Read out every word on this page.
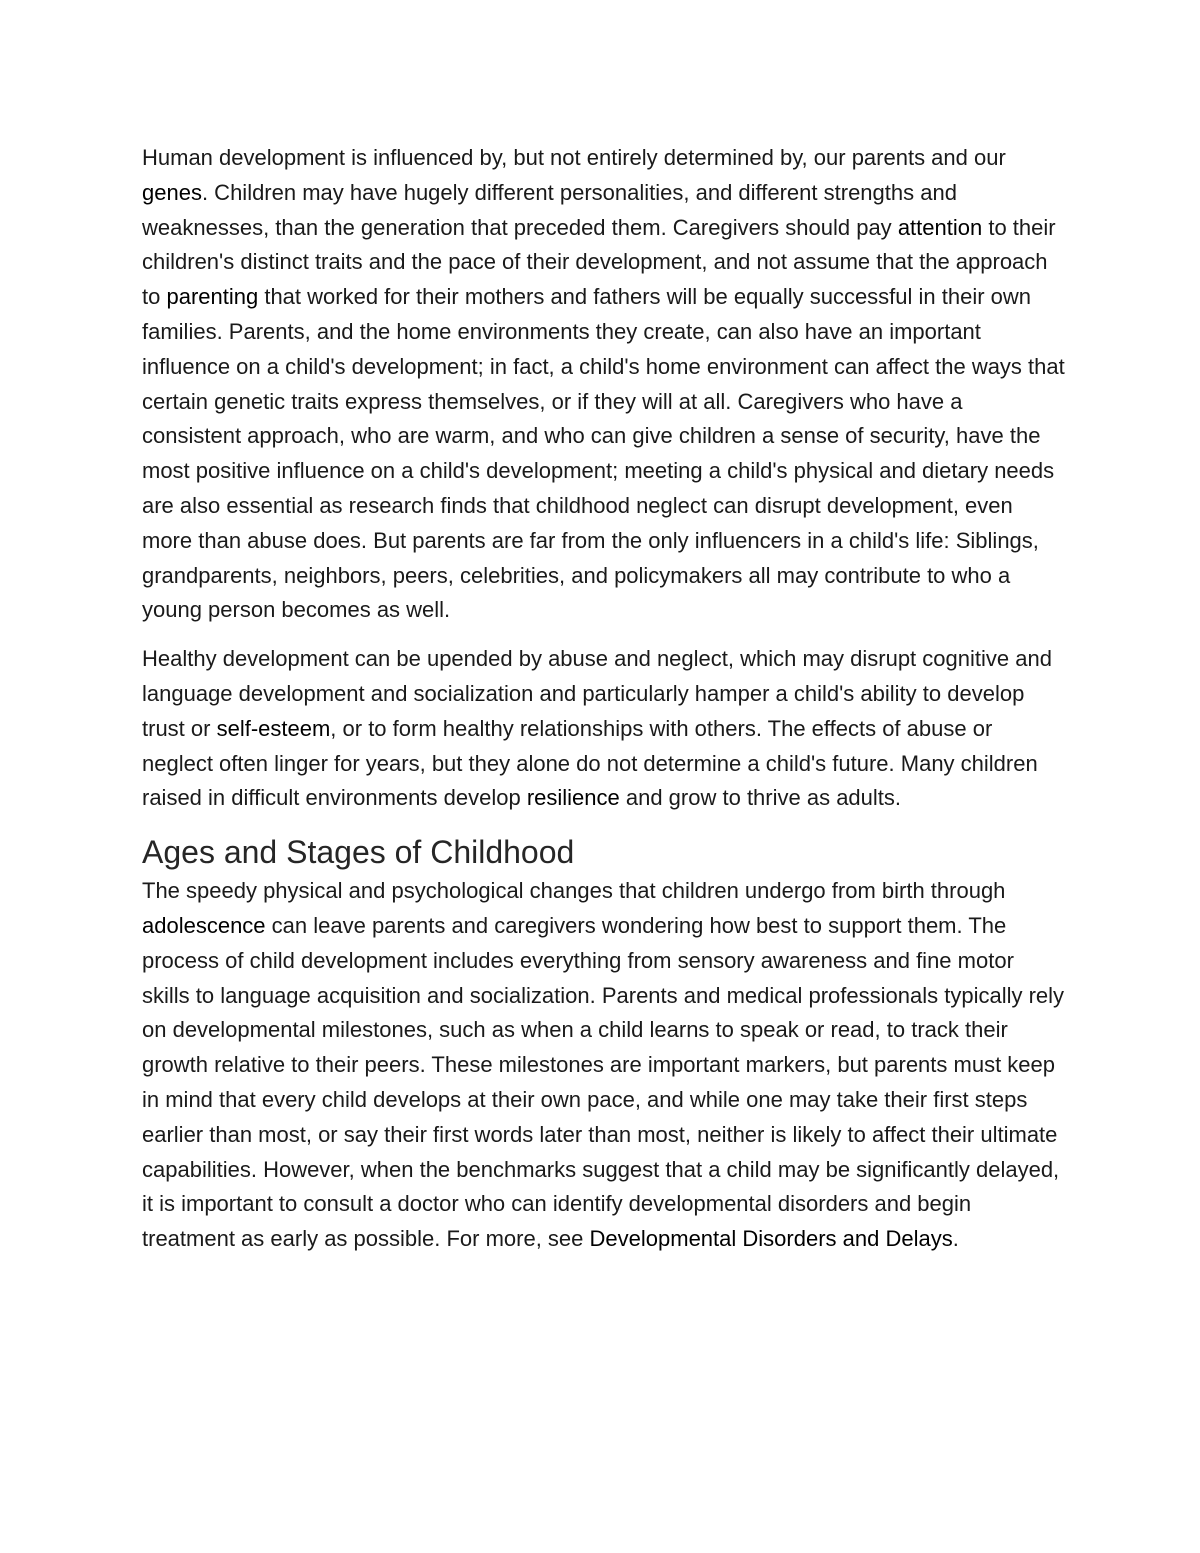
Human development is influenced by, but not entirely determined by, our parents and our genes. Children may have hugely different personalities, and different strengths and weaknesses, than the generation that preceded them. Caregivers should pay attention to their children's distinct traits and the pace of their development, and not assume that the approach to parenting that worked for their mothers and fathers will be equally successful in their own families. Parents, and the home environments they create, can also have an important influence on a child's development; in fact, a child's home environment can affect the ways that certain genetic traits express themselves, or if they will at all. Caregivers who have a consistent approach, who are warm, and who can give children a sense of security, have the most positive influence on a child's development; meeting a child's physical and dietary needs are also essential as research finds that childhood neglect can disrupt development, even more than abuse does. But parents are far from the only influencers in a child's life: Siblings, grandparents, neighbors, peers, celebrities, and policymakers all may contribute to who a young person becomes as well.

Healthy development can be upended by abuse and neglect, which may disrupt cognitive and language development and socialization and particularly hamper a child's ability to develop trust or self-esteem, or to form healthy relationships with others. The effects of abuse or neglect often linger for years, but they alone do not determine a child's future. Many children raised in difficult environments develop resilience and grow to thrive as adults.

Ages and Stages of Childhood

The speedy physical and psychological changes that children undergo from birth through adolescence can leave parents and caregivers wondering how best to support them. The process of child development includes everything from sensory awareness and fine motor skills to language acquisition and socialization. Parents and medical professionals typically rely on developmental milestones, such as when a child learns to speak or read, to track their growth relative to their peers. These milestones are important markers, but parents must keep in mind that every child develops at their own pace, and while one may take their first steps earlier than most, or say their first words later than most, neither is likely to affect their ultimate capabilities. However, when the benchmarks suggest that a child may be significantly delayed, it is important to consult a doctor who can identify developmental disorders and begin treatment as early as possible. For more, see Developmental Disorders and Delays.
